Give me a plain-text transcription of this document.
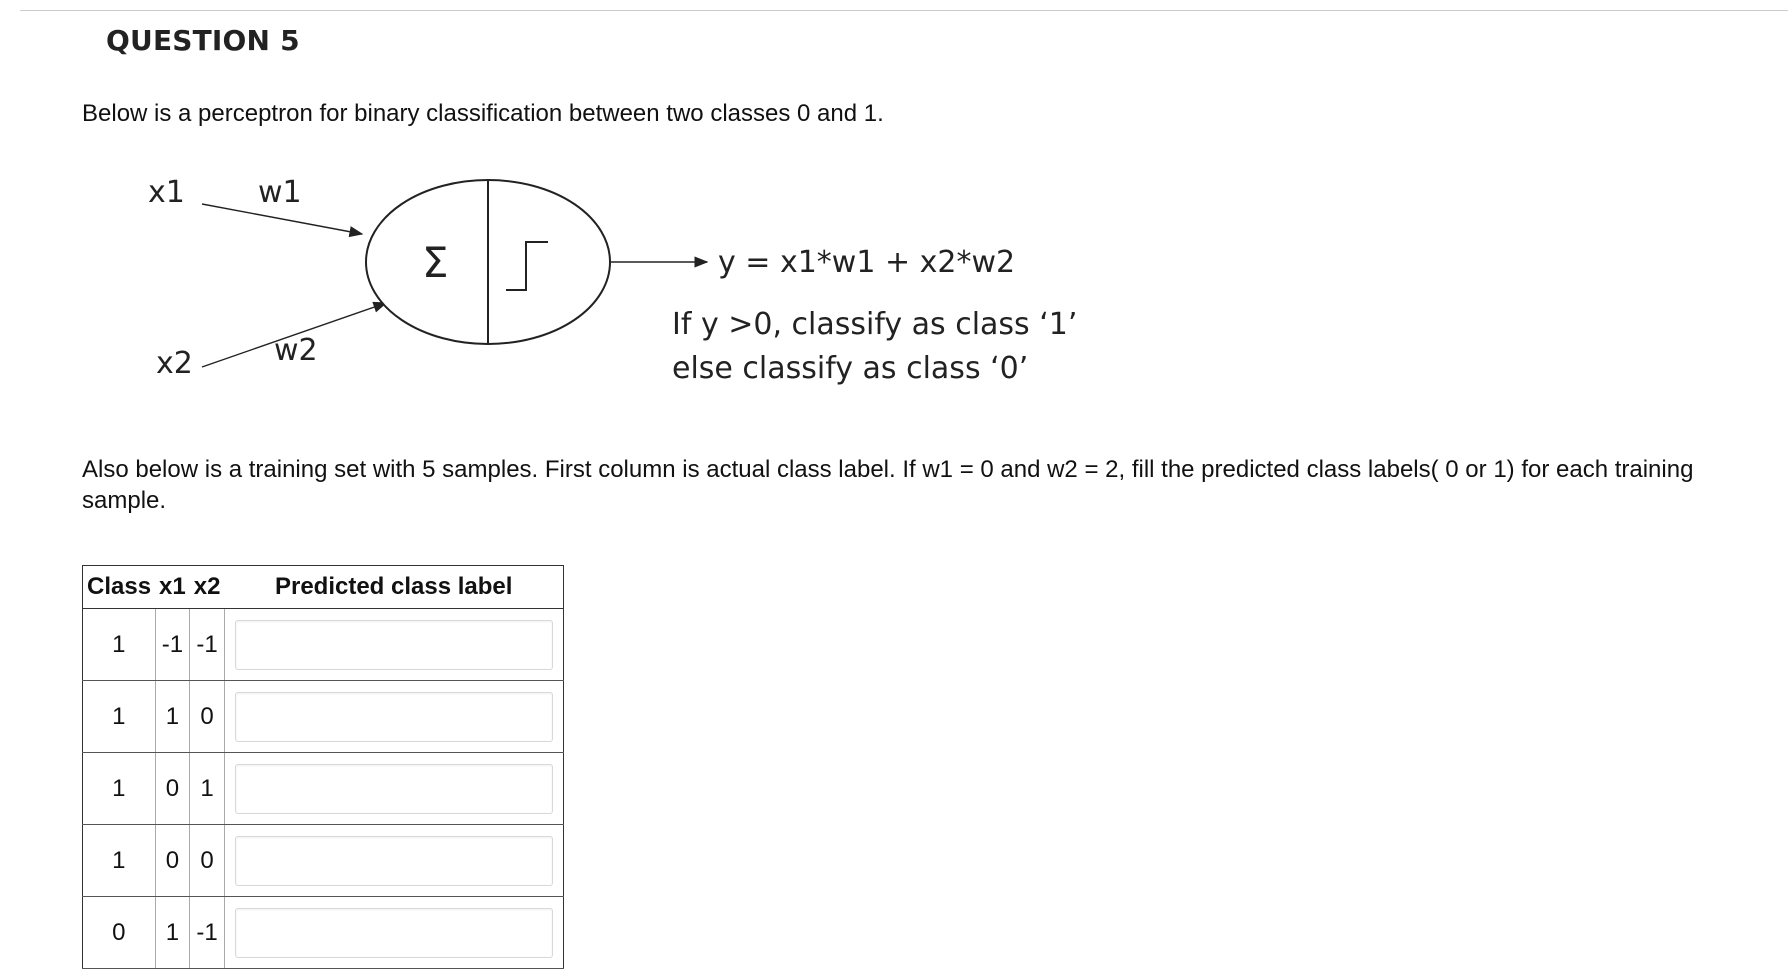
QUESTION 5
Below is a perceptron for binary classification between two classes 0 and 1.
x1 w1
x2	w2
Σ	y = x1*w1 + x2*w2
If y >0, classify as class ‘1’
else classify as class ‘0’
Also below is a training set with 5 samples. First column is actual class label. If w1 = 0 and w2 = 2, fill the predicted class labels( 0 or 1) for each training sample.
Class	x1	x2	Predicted class label
1	-1	-1	
1	1	0	
1	0	1	
1	0	0	
0	1	-1	
